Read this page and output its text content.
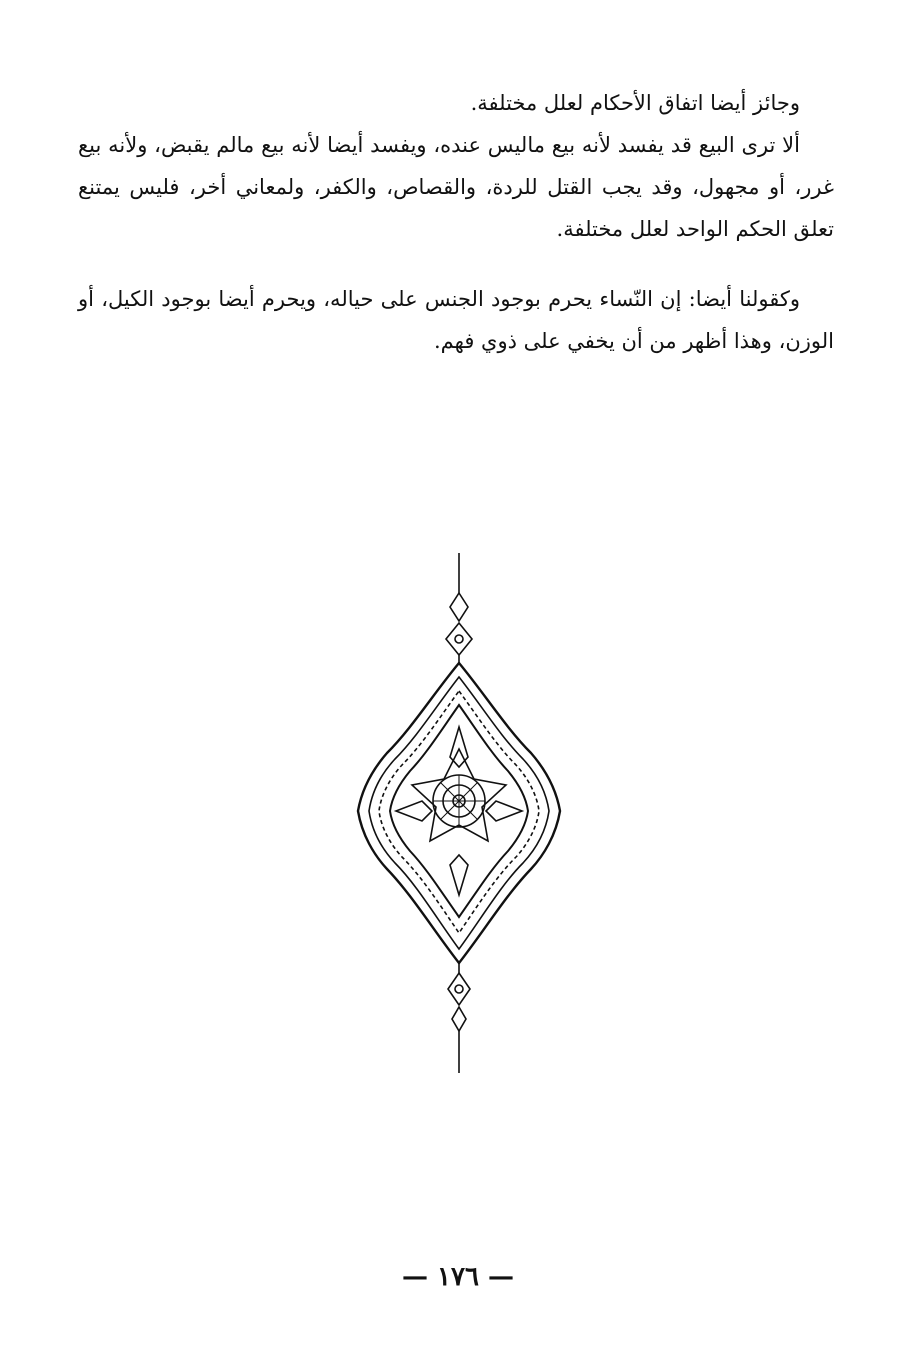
وجائز أيضا اتفاق الأحكام لعلل مختلفة.

ألا ترى البيع قد يفسد لأنه بيع ماليس عنده، ويفسد أيضا لأنه بيع مالم يقبض، ولأنه بيع غرر، أو مجهول، وقد يجب القتل للردة، والقصاص، والكفر، ولمعاني أخر، فليس يمتنع تعلق الحكم الواحد لعلل مختلفة.

وكقولنا أيضا: إن النّساء يحرم بوجود الجنس على حياله، ويحرم أيضا بوجود الكيل، أو الوزن، وهذا أظهر من أن يخفي على ذوي فهم.

— ١٧٦ —
